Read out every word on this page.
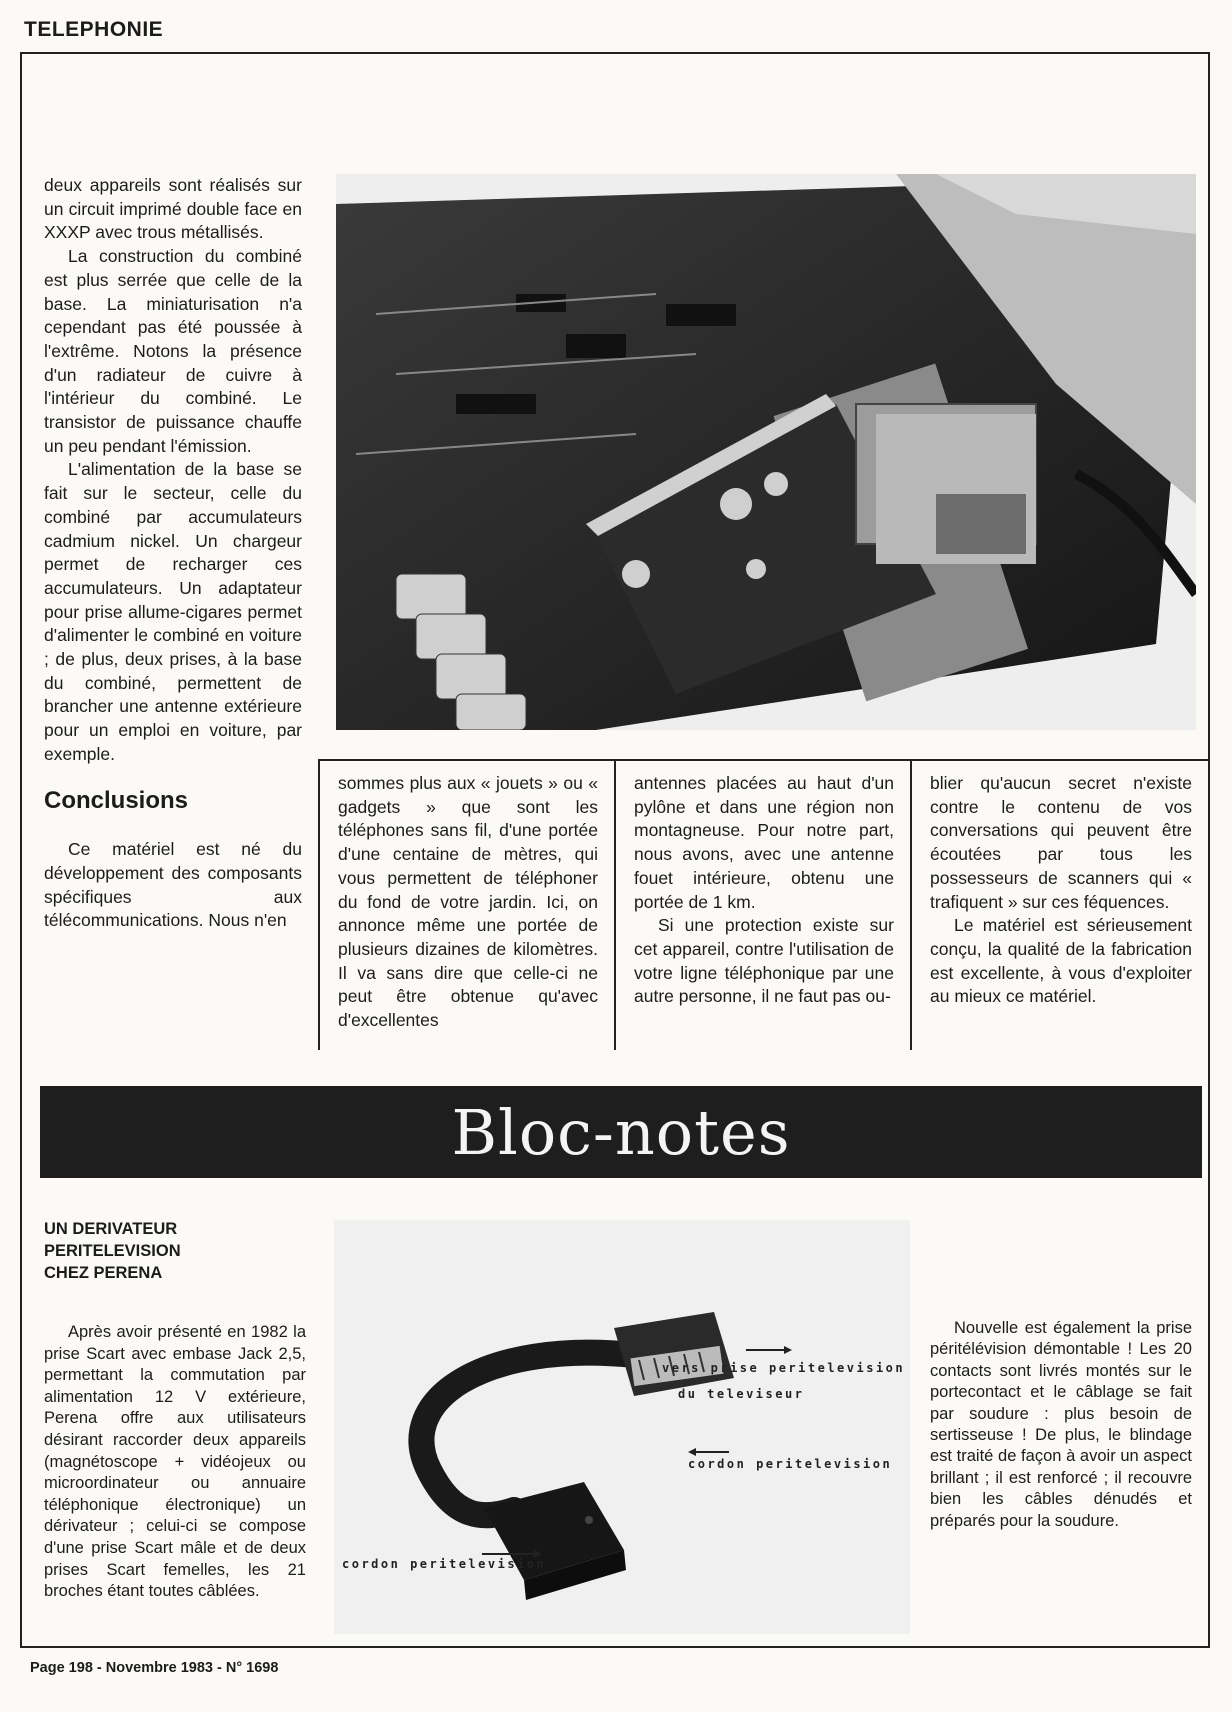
TELEPHONIE

deux appareils sont réalisés sur un circuit imprimé double face en XXXP avec trous métallisés.

La construction du combiné est plus serrée que celle de la base. La miniaturisation n'a cependant pas été poussée à l'extrême. Notons la présence d'un radiateur de cuivre à l'intérieur du combiné. Le transistor de puissance chauffe un peu pendant l'émission.

L'alimentation de la base se fait sur le secteur, celle du combiné par accumulateurs cadmium nickel. Un chargeur permet de recharger ces accumulateurs. Un adaptateur pour prise allume-cigares permet d'alimenter le combiné en voiture ; de plus, deux prises, à la base du combiné, permettent de brancher une antenne extérieure pour un emploi en voiture, par exemple.

Conclusions

Ce matériel est né du développement des composants spécifiques aux télécommunications. Nous n'en

sommes plus aux « jouets » ou « gadgets » que sont les téléphones sans fil, d'une portée d'une centaine de mètres, qui vous permettent de téléphoner du fond de votre jardin. Ici, on annonce même une portée de plusieurs dizaines de kilomètres. Il va sans dire que celle-ci ne peut être obtenue qu'avec d'excellentes

antennes placées au haut d'un pylône et dans une région non montagneuse. Pour notre part, nous avons, avec une antenne fouet intérieure, obtenu une portée de 1 km.

Si une protection existe sur cet appareil, contre l'utilisation de votre ligne téléphonique par une autre personne, il ne faut pas ou-

blier qu'aucun secret n'existe contre le contenu de vos conversations qui peuvent être écoutées par tous les possesseurs de scanners qui « trafiquent » sur ces féquences.

Le matériel est sérieusement conçu, la qualité de la fabrication est excellente, à vous d'exploiter au mieux ce matériel.

Bloc-notes
UN DERIVATEUR
PERITELEVISION
CHEZ PERENA

Après avoir présenté en 1982 la prise Scart avec embase Jack 2,5, permettant la commutation par alimentation 12 V extérieure, Perena offre aux utilisateurs désirant raccorder deux appareils (magnétoscope + vidéojeux ou microordinateur ou annuaire téléphonique électronique) un dérivateur ; celui-ci se compose d'une prise Scart mâle et de deux prises Scart femelles, les 21 broches étant toutes câblées.

vers prise peritelevision
du televiseur
cordon peritelevision
cordon peritelevision

Nouvelle est également la prise péritélévision démontable ! Les 20 contacts sont livrés montés sur le portecontact et le câblage se fait par soudure : plus besoin de sertisseuse ! De plus, le blindage est traité de façon à avoir un aspect brillant ; il est renforcé ; il recouvre bien les câbles dénudés et préparés pour la soudure.

Page 198 - Novembre 1983 - N° 1698
